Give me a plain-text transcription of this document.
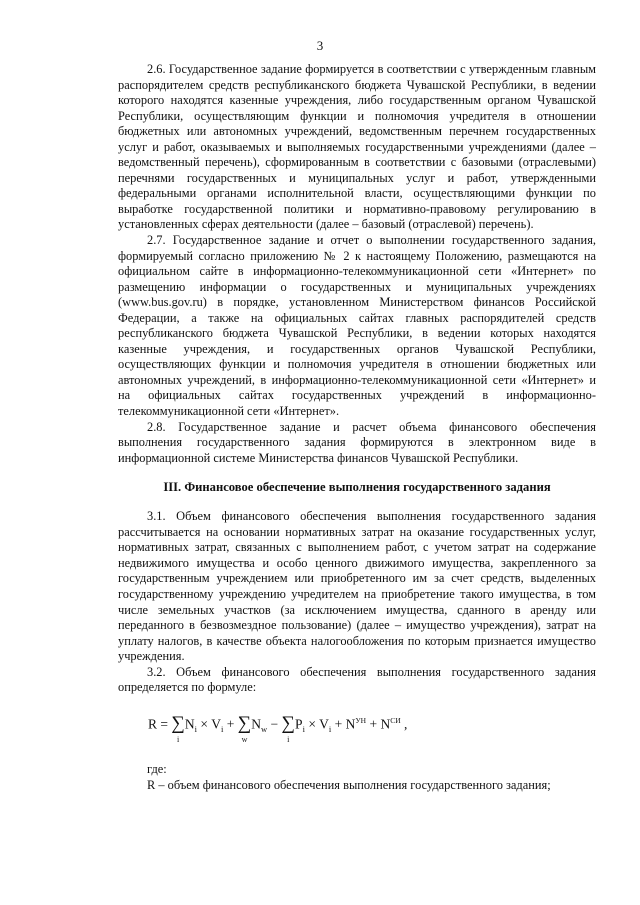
3

2.6. Государственное задание формируется в соответствии с утвержденным главным распорядителем средств республиканского бюджета Чувашской Республики, в ведении которого находятся казенные учреждения, либо государственным органом Чувашской Республики, осуществляющим функции и полномочия учредителя в отношении бюджетных или автономных учреждений, ведомственным перечнем государственных услуг и работ, оказываемых и выполняемых государственными учреждениями (далее – ведомственный перечень), сформированным в соответствии с базовыми (отраслевыми) перечнями государственных и муниципальных услуг и работ, утвержденными федеральными органами исполнительной власти, осуществляющими функции по выработке государственной политики и нормативно-правовому регулированию в установленных сферах деятельности (далее – базовый (отраслевой) перечень).

2.7. Государственное задание и отчет о выполнении государственного задания, формируемый согласно приложению № 2 к настоящему Положению, размещаются на официальном сайте в информационно-телекоммуникационной сети «Интернет» по размещению информации о государственных и муниципальных учреждениях (www.bus.gov.ru) в порядке, установленном Министерством финансов Российской Федерации, а также на официальных сайтах главных распорядителей средств республиканского бюджета Чувашской Республики, в ведении которых находятся казенные учреждения, и государственных органов Чувашской Республики, осуществляющих функции и полномочия учредителя в отношении бюджетных или автономных учреждений, в информационно-телекоммуникационной сети «Интернет» и на официальных сайтах государственных учреждений в информационно-телекоммуникационной сети «Интернет».

2.8. Государственное задание и расчет объема финансового обеспечения выполнения государственного задания формируются в электронном виде в информационной системе Министерства финансов Чувашской Республики.

III. Финансовое обеспечение выполнения государственного задания

3.1. Объем финансового обеспечения выполнения государственного задания рассчитывается на основании нормативных затрат на оказание государственных услуг, нормативных затрат, связанных с выполнением работ, с учетом затрат на содержание недвижимого имущества и особо ценного движимого имущества, закрепленного за государственным учреждением или приобретенного им за счет средств, выделенных государственному учреждению учредителем на приобретение такого имущества, в том числе земельных участков (за исключением имущества, сданного в аренду или переданного в безвозмездное пользование) (далее – имущество учреждения), затрат на уплату налогов, в качестве объекта налогообложения по которым признается имущество учреждения.

3.2. Объем финансового обеспечения выполнения государственного задания определяется по формуле:

R = ∑
i
$N_i \times V_i$ + ∑
w
$N_w$ − ∑
i
$P_i \times V_i + N^{УН} + N^{СИ}$ ,

где:

R – объем финансового обеспечения выполнения государственного задания;
